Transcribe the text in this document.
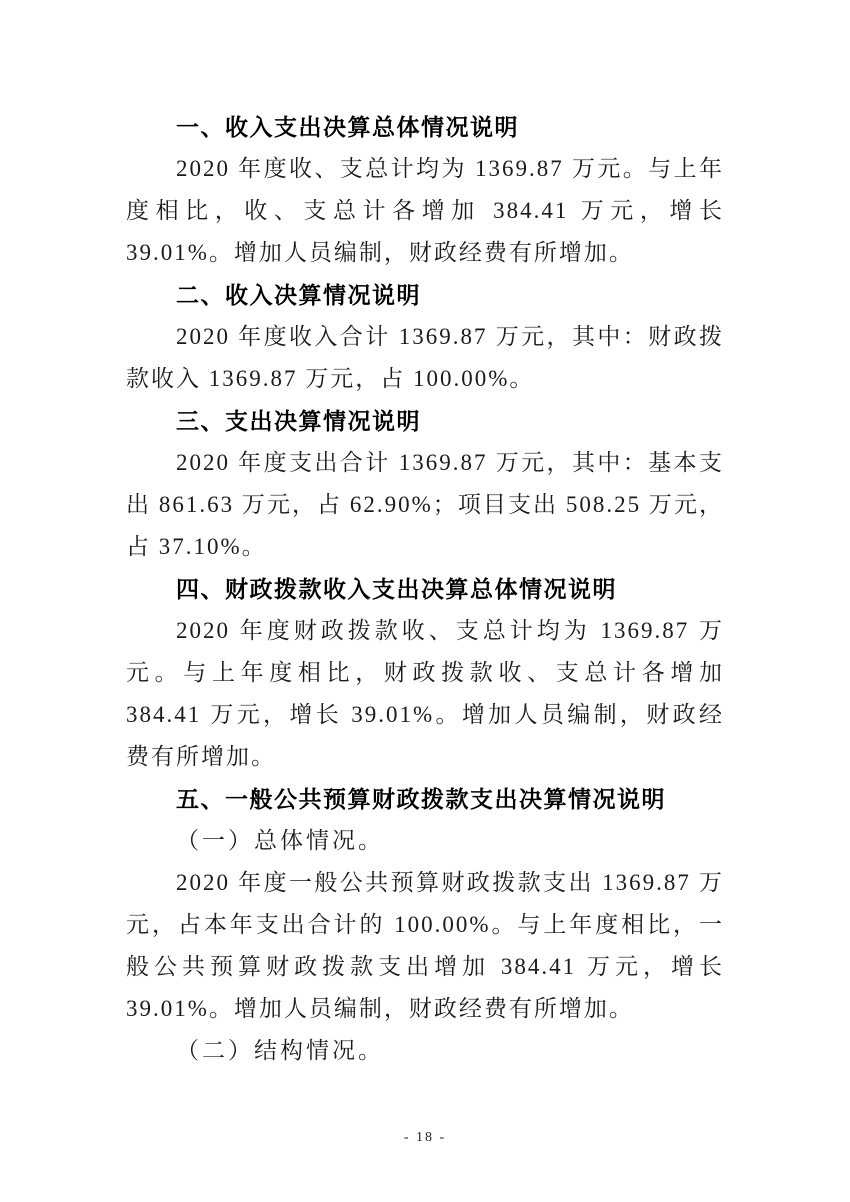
一、收入支出决算总体情况说明

2020 年度收、支总计均为 1369.87 万元。与上年度相比，收、支总计各增加 384.41 万元，增长 39.01%。增加人员编制，财政经费有所增加。

二、收入决算情况说明

2020 年度收入合计 1369.87 万元，其中：财政拨款收入 1369.87 万元，占 100.00%。

三、支出决算情况说明

2020 年度支出合计 1369.87 万元，其中：基本支出 861.63 万元，占 62.90%；项目支出 508.25 万元，占 37.10%。

四、财政拨款收入支出决算总体情况说明

2020 年度财政拨款收、支总计均为 1369.87 万元。与上年度相比，财政拨款收、支总计各增加 384.41 万元，增长 39.01%。增加人员编制，财政经费有所增加。

五、一般公共预算财政拨款支出决算情况说明

（一）总体情况。

2020 年度一般公共预算财政拨款支出 1369.87 万元，占本年支出合计的 100.00%。与上年度相比，一般公共预算财政拨款支出增加 384.41 万元，增长 39.01%。增加人员编制，财政经费有所增加。

（二）结构情况。

- 18 -
